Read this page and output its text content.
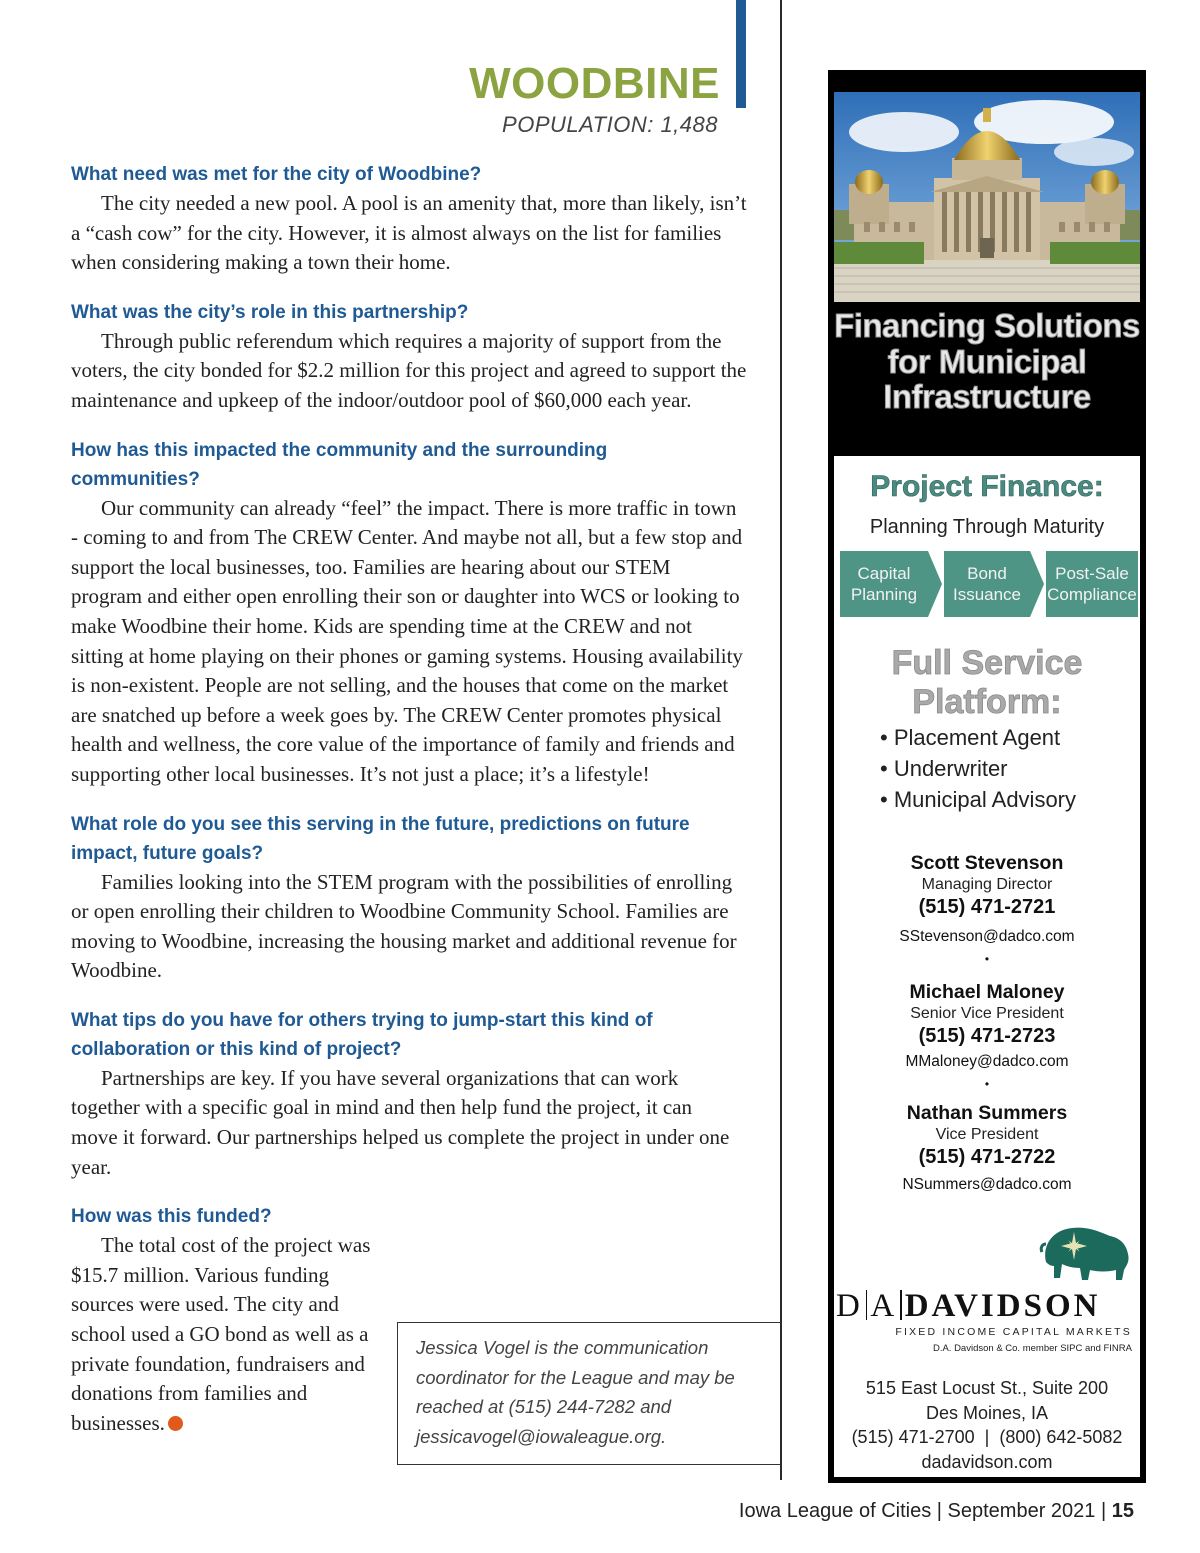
WOODBINE
POPULATION: 1,488

What need was met for the city of Woodbine?

The city needed a new pool. A pool is an amenity that, more than likely, isn’t a “cash cow” for the city. However, it is almost always on the list for families when considering making a town their home.

What was the city’s role in this partnership?

Through public referendum which requires a majority of support from the voters, the city bonded for $2.2 million for this project and agreed to support the maintenance and upkeep of the indoor/outdoor pool of $60,000 each year.

How has this impacted the community and the surrounding communities?

Our community can already “feel” the impact. There is more traffic in town - coming to and from The CREW Center. And maybe not all, but a few stop and support the local businesses, too. Families are hearing about our STEM program and either open enrolling their son or daughter into WCS or looking to make Woodbine their home. Kids are spending time at the CREW and not sitting at home playing on their phones or gaming systems. Housing availability is non-existent. People are not selling, and the houses that come on the market are snatched up before a week goes by. The CREW Center promotes physical health and wellness, the core value of the importance of family and friends and supporting other local businesses. It’s not just a place; it’s a lifestyle!

What role do you see this serving in the future, predictions on future impact, future goals?

Families looking into the STEM program with the possibilities of enrolling or open enrolling their children to Woodbine Community School. Families are moving to Woodbine, increasing the housing market and additional revenue for Woodbine.

What tips do you have for others trying to jump-start this kind of collaboration or this kind of project?

Partnerships are key. If you have several organizations that can work together with a specific goal in mind and then help fund the project, it can move it forward. Our partnerships helped us complete the project in under one year.

How was this funded?

The total cost of the project was $15.7 million. Various funding sources were used. The city and school used a GO bond as well as a private foundation, fundraisers and donations from families and businesses.

Jessica Vogel is the communication coordinator for the League and may be reached at (515) 244-7282 and jessicavogel@iowaleague.org.
Iowa League of Cities | September 2021 | 15
Financing Solutions for Municipal Infrastructure
Project Finance:
Planning Through Maturity
Capital Planning
Bond Issuance
Post-Sale Compliance
Full Service Platform:
• Placement Agent
• Underwriter
• Municipal Advisory
Scott Stevenson
Managing Director
(515) 471-2721
SStevenson@dadco.com
•
Michael Maloney
Senior Vice President
(515) 471-2723
MMaloney@dadco.com
•
Nathan Summers
Vice President
(515) 471-2722
NSummers@dadco.com
D A DAVIDSON
FIXED INCOME CAPITAL MARKETS
D.A. Davidson & Co. member SIPC and FINRA
515 East Locust St., Suite 200
Des Moines, IA
(515) 471-2700  |  (800) 642-5082
dadavidson.com
